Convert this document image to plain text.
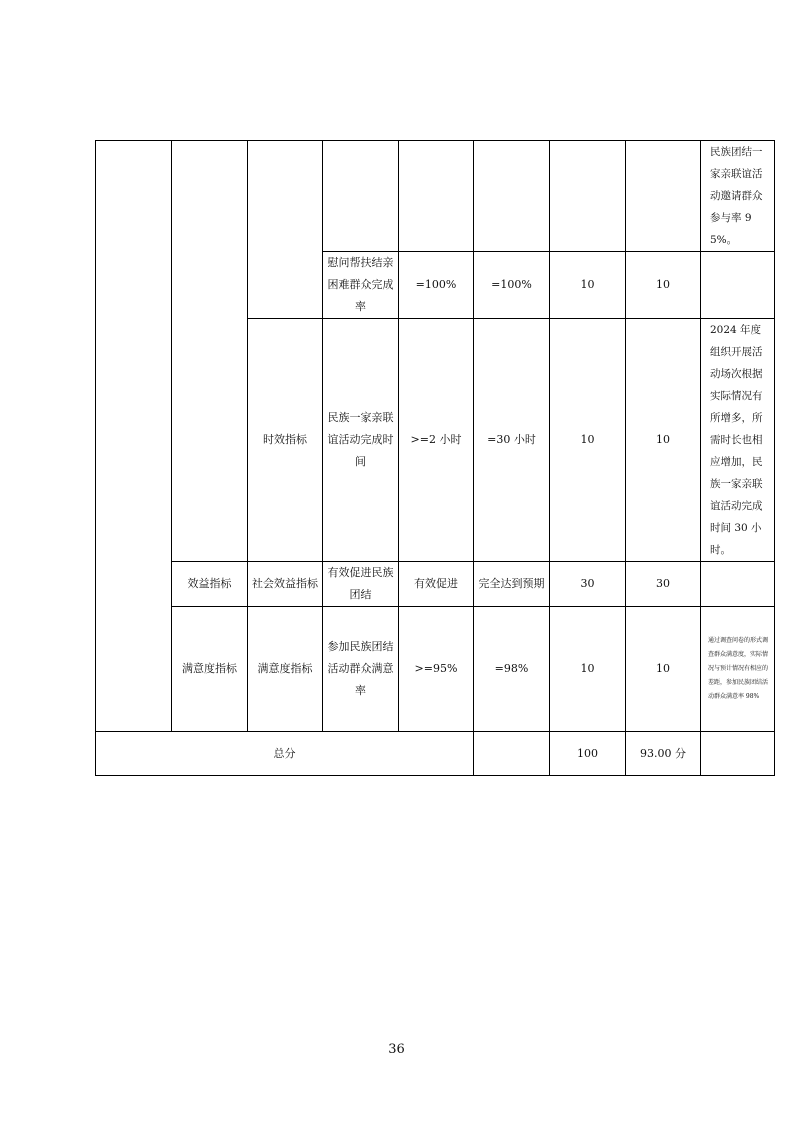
								民族团结一家亲联谊活动邀请群众参与率 95%。
			慰问帮扶结亲困难群众完成率	=100%	=100%	10	10	
		时效指标	民族一家亲联谊活动完成时间	>=2 小时	=30 小时	10	10	2024 年度组织开展活动场次根据实际情况有所增多，所需时长也相应增加，民族一家亲联谊活动完成时间 30 小时。
	效益指标	社会效益指标	有效促进民族团结	有效促进	完全达到预期	30	30	
	满意度指标	满意度指标	参加民族团结活动群众满意率	>=95%	=98%	10	10	通过调查问卷的形式调查群众满意度，实际情况与预计情况有相应的差距，参加民族团结活动群众满意率 98%
总分						100	93.00 分	
36
